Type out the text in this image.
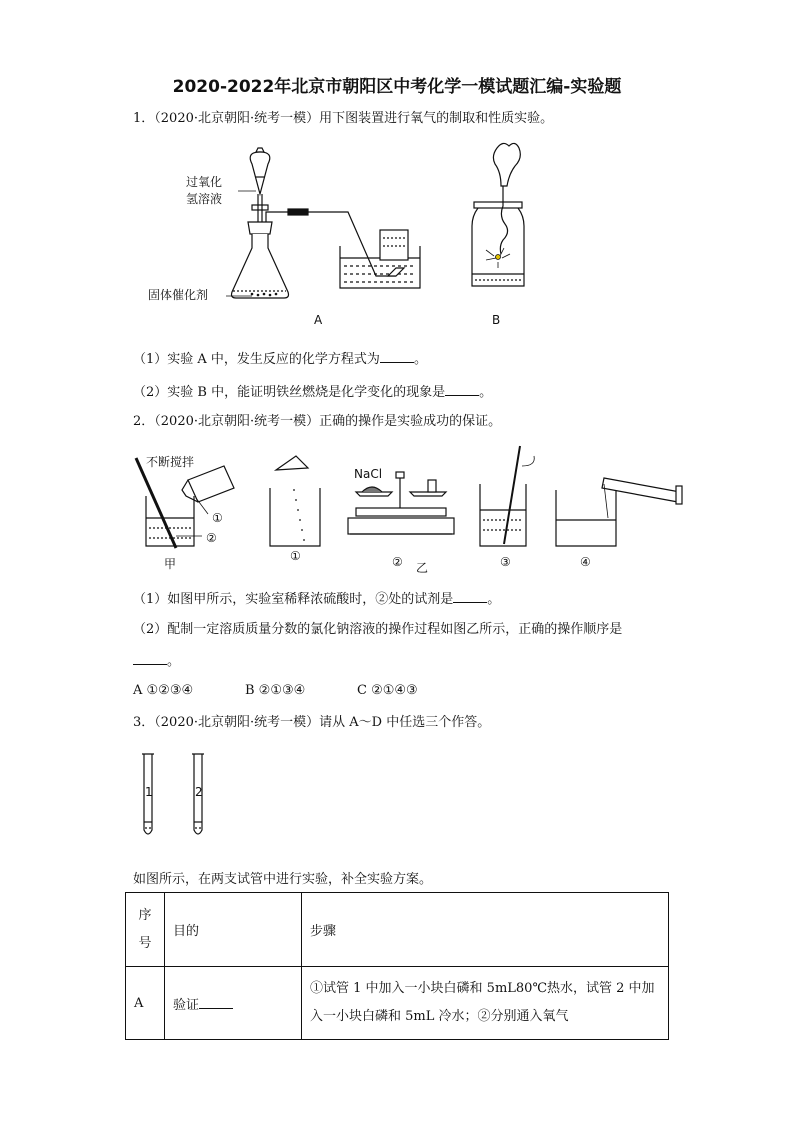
2020-2022年北京市朝阳区中考化学一模试题汇编-实验题
1．（2020·北京朝阳·统考一模）用下图装置进行氧气的制取和性质实验。
过氧化
氢溶液
固体催化剂
A	B
不断搅拌
①
②
甲
①
NaCl
② 乙	③	④
1	2
（1）实验 A 中，发生反应的化学方程式为	。
（2）实验 B 中，能证明铁丝燃烧是化学变化的现象是	。
2．（2020·北京朝阳·统考一模）正确的操作是实验成功的保证。
（1）如图甲所示，实验室稀释浓硫酸时，②处的试剂是	。
（2）配制一定溶质质量分数的氯化钠溶液的操作过程如图乙所示，正确的操作顺序是
。
A ①②③④	B ②①③④	C ②①④③
3．（2020·北京朝阳·统考一模）请从 A～D 中任选三个作答。
如图所示，在两支试管中进行实验，补全实验方案。
序
号	目的	步骤
A	验证	①试管 1 中加入一小块白磷和 5mL80℃热水，试管 2 中加
入一小块白磷和 5mL 冷水；②分别通入氧气
